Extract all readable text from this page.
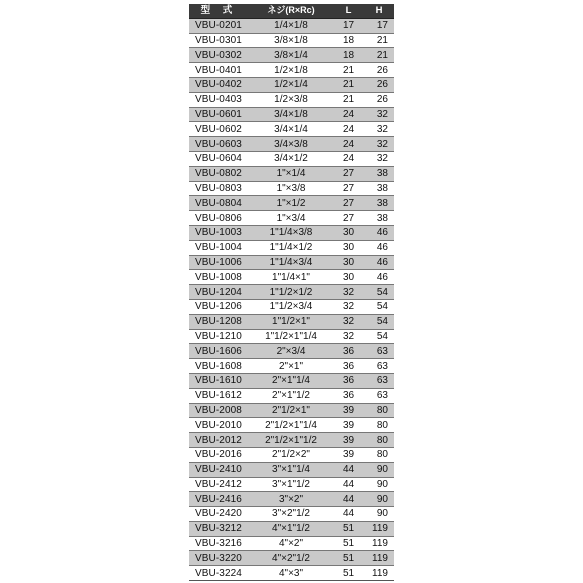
型 式	ネジ(R×Rc)	L	H
VBU-0201	1/4×1/8	17	17
VBU-0301	3/8×1/8	18	21
VBU-0302	3/8×1/4	18	21
VBU-0401	1/2×1/8	21	26
VBU-0402	1/2×1/4	21	26
VBU-0403	1/2×3/8	21	26
VBU-0601	3/4×1/8	24	32
VBU-0602	3/4×1/4	24	32
VBU-0603	3/4×3/8	24	32
VBU-0604	3/4×1/2	24	32
VBU-0802	1"×1/4	27	38
VBU-0803	1"×3/8	27	38
VBU-0804	1"×1/2	27	38
VBU-0806	1"×3/4	27	38
VBU-1003	1"1/4×3/8	30	46
VBU-1004	1"1/4×1/2	30	46
VBU-1006	1"1/4×3/4	30	46
VBU-1008	1"1/4×1"	30	46
VBU-1204	1"1/2×1/2	32	54
VBU-1206	1"1/2×3/4	32	54
VBU-1208	1"1/2×1"	32	54
VBU-1210	1"1/2×1"1/4	32	54
VBU-1606	2"×3/4	36	63
VBU-1608	2"×1"	36	63
VBU-1610	2"×1"1/4	36	63
VBU-1612	2"×1"1/2	36	63
VBU-2008	2"1/2×1"	39	80
VBU-2010	2"1/2×1"1/4	39	80
VBU-2012	2"1/2×1"1/2	39	80
VBU-2016	2"1/2×2"	39	80
VBU-2410	3"×1"1/4	44	90
VBU-2412	3"×1"1/2	44	90
VBU-2416	3"×2"	44	90
VBU-2420	3"×2"1/2	44	90
VBU-3212	4"×1"1/2	51	119
VBU-3216	4"×2"	51	119
VBU-3220	4"×2"1/2	51	119
VBU-3224	4"×3"	51	119
